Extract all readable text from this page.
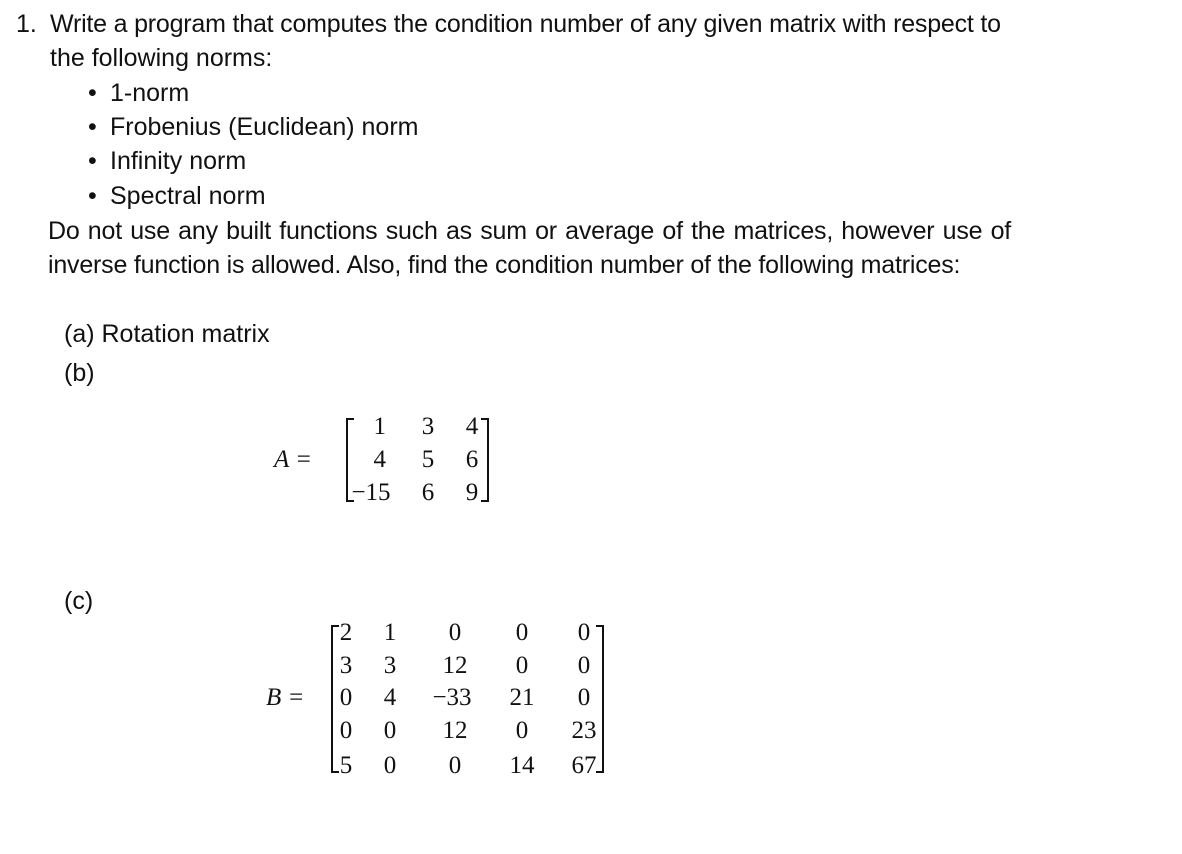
1. Write a program that computes the condition number of any given matrix with respect to
the following norms:
• 1-norm
• Frobenius (Euclidean) norm
• Infinity norm
• Spectral norm
Do not use any built functions such as sum or average of the matrices, however use of
inverse function is allowed. Also, find the condition number of the following matrices:
(a) Rotation matrix
(b)
A =
1	3	4
4	5	6
−15	6	9
(c)
B =
2 1	0	0	0
3 3	12	0	0
0 4	−33	21	0
0 0	12	0	23
5 0	0	14	67
